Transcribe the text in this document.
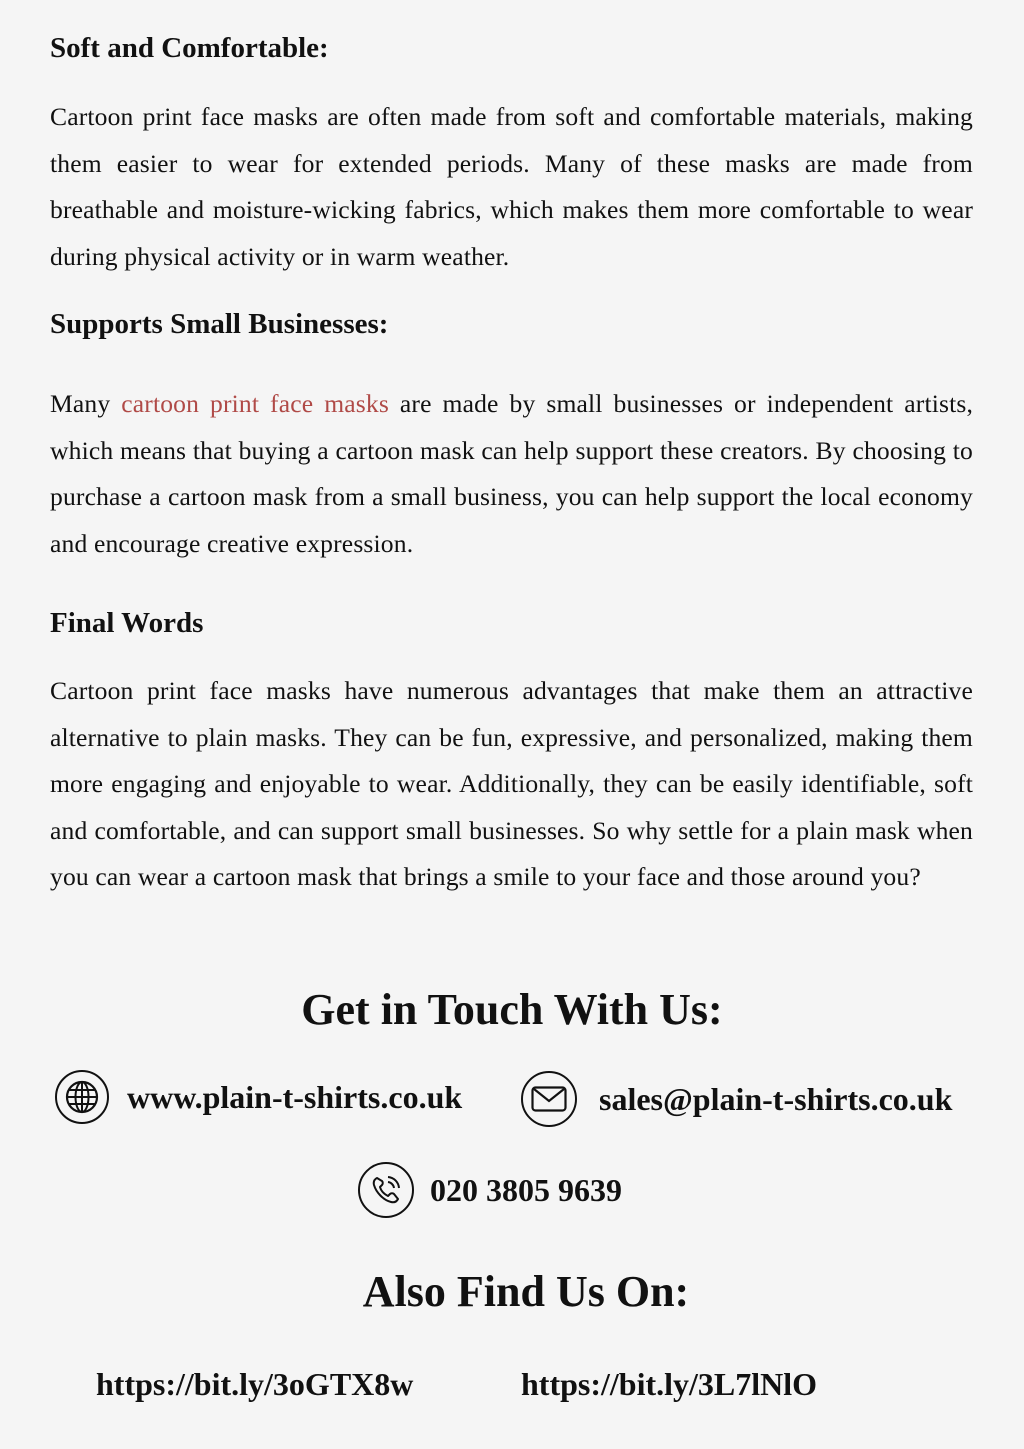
Soft and Comfortable:

Cartoon print face masks are often made from soft and comfortable materials, making them easier to wear for extended periods. Many of these masks are made from breathable and moisture-wicking fabrics, which makes them more comfortable to wear during physical activity or in warm weather.

Supports Small Businesses:

Many cartoon print face masks are made by small businesses or independent artists, which means that buying a cartoon mask can help support these creators. By choosing to purchase a cartoon mask from a small business, you can help support the local economy and encourage creative expression.

Final Words

Cartoon print face masks have numerous advantages that make them an attractive alternative to plain masks. They can be fun, expressive, and personalized, making them more engaging and enjoyable to wear. Additionally, they can be easily identifiable, soft and comfortable, and can support small businesses. So why settle for a plain mask when you can wear a cartoon mask that brings a smile to your face and those around you?

Get in Touch With Us:
www.plain-t-shirts.co.uk	sales@plain-t-shirts.co.uk
020 3805 9639
Also Find Us On:
https://bit.ly/3oGTX8w	https://bit.ly/3L7lNlO
